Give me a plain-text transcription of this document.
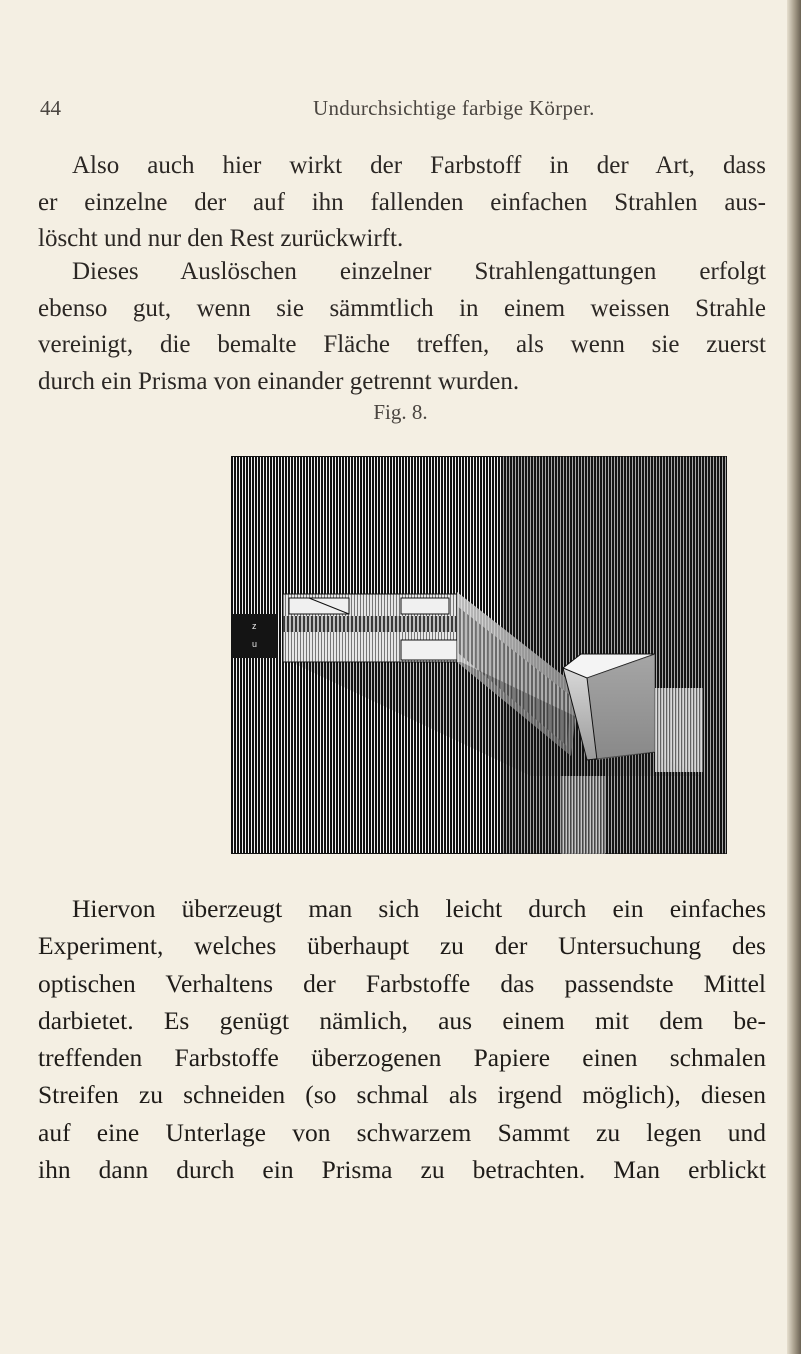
44	Undurchsichtige farbige Körper.
Also auch hier wirkt der Farbstoff in der Art, dass
er einzelne der auf ihn fallenden einfachen Strahlen aus-
löscht und nur den Rest zurückwirft.
Dieses Auslöschen einzelner Strahlengattungen erfolgt
ebenso gut, wenn sie sämmtlich in einem weissen Strahle
vereinigt, die bemalte Fläche treffen, als wenn sie zuerst
durch ein Prisma von einander getrennt wurden.
Fig. 8.
z
u
Hiervon überzeugt man sich leicht durch ein einfaches
Experiment, welches überhaupt zu der Untersuchung des
optischen Verhaltens der Farbstoffe das passendste Mittel
darbietet. Es genügt nämlich, aus einem mit dem be-
treffenden Farbstoffe überzogenen Papiere einen schmalen
Streifen zu schneiden (so schmal als irgend möglich), diesen
auf eine Unterlage von schwarzem Sammt zu legen und
ihn dann durch ein Prisma zu betrachten. Man erblickt
